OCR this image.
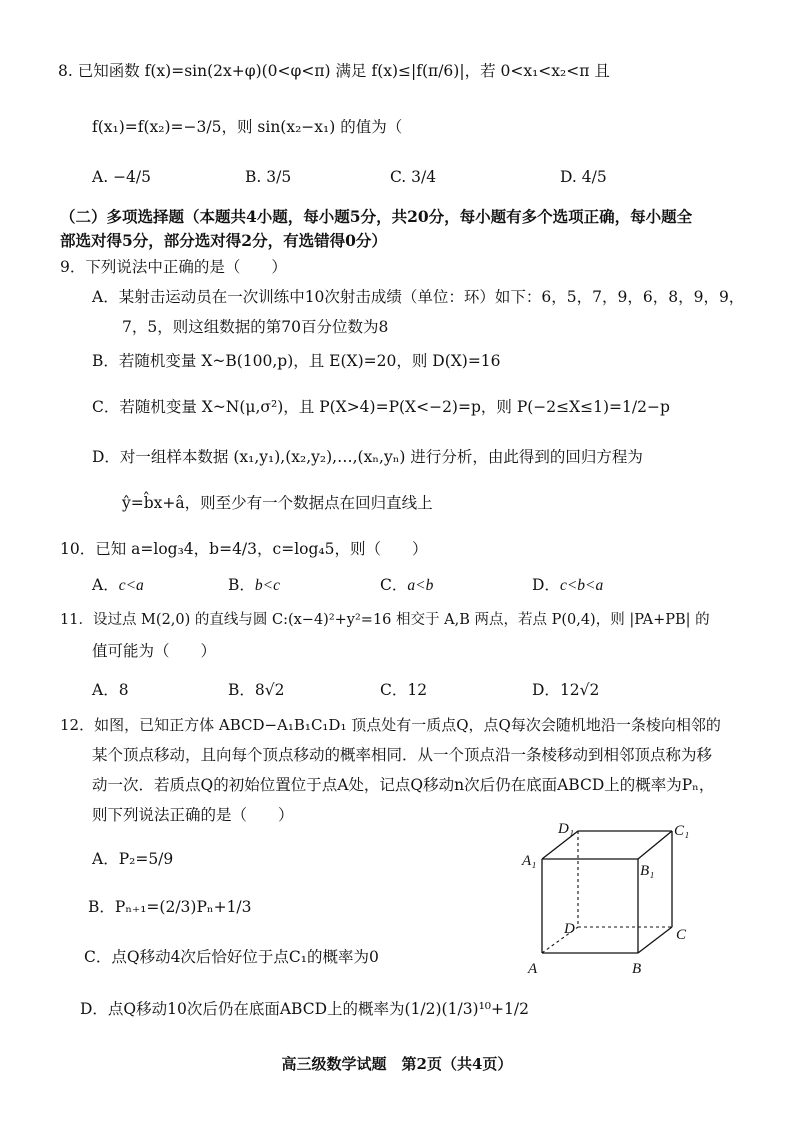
8. 已知函数 f(x)=sin(2x+φ)(0<φ<π) 满足 f(x)≤|f(π/6)|，若 0<x₁<x₂<π 且
f(x₁)=f(x₂)=−3/5，则 sin(x₂−x₁) 的值为（
A. −4/5	B. 3/5	C. 3/4	D. 4/5
（二）多项选择题（本题共4小题，每小题5分，共20分，每小题有多个选项正确，每小题全
部选对得5分，部分选对得2分，有选错得0分）
9．下列说法中正确的是（　　）
A．某射击运动员在一次训练中10次射击成绩（单位：环）如下：6，5，7，9，6，8，9，9，
7，5，则这组数据的第70百分位数为8
B．若随机变量 X~B(100,p)，且 E(X)=20，则 D(X)=16
C．若随机变量 X~N(μ,σ²)，且 P(X>4)=P(X<−2)=p，则 P(−2≤X≤1)=1/2−p
D．对一组样本数据 (x₁,y₁),(x₂,y₂),…,(xₙ,yₙ) 进行分析，由此得到的回归方程为
ŷ=b̂x+â，则至少有一个数据点在回归直线上
10．已知 a=log₃4，b=4/3，c=log₄5，则（　　）
A．c<a	B．b<c	C．a<b	D．c<b<a
11．设过点 M(2,0) 的直线与圆 C:(x−4)²+y²=16 相交于 A,B 两点，若点 P(0,4)，则 |PA+PB| 的
值可能为（　　）
A．8	B．8√2	C．12	D．12√2
12．如图，已知正方体 ABCD−A₁B₁C₁D₁ 顶点处有一质点Q，点Q每次会随机地沿一条棱向相邻的
某个顶点移动，且向每个顶点移动的概率相同．从一个顶点沿一条棱移动到相邻顶点称为移
动一次．若质点Q的初始位置位于点A处，记点Q移动n次后仍在底面ABCD上的概率为Pₙ，
则下列说法正确的是（　　）
A．P₂=5/9
B．Pₙ₊₁=(2/3)Pₙ+1/3
C．点Q移动4次后恰好位于点C₁的概率为0
D．点Q移动10次后仍在底面ABCD上的概率为(1/2)(1/3)¹⁰+1/2
A	B
C
D
A₁
B₁
C₁
D₁
高三级数学试题　第2页（共4页）
